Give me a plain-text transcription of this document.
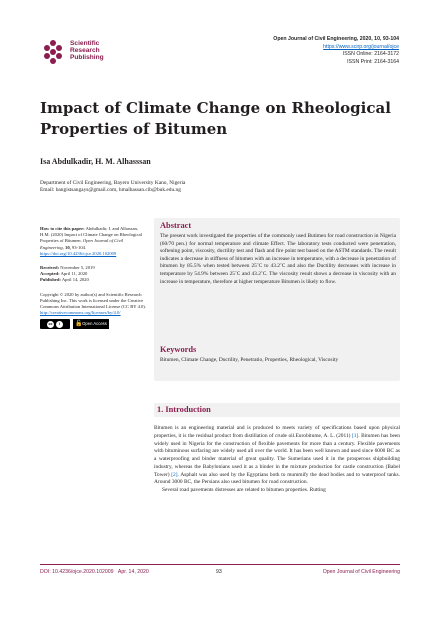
Scientific
Research
Publishing
Open Journal of Civil Engineering, 2020, 10, 93-104
https://www.scirp.org/journal/ojce
ISSN Online: 2164-3172
ISSN Print: 2164-3164
Impact of Climate Change on Rheological
Properties of Bitumen
Isa Abdulkadir, H. M. Alhasssan
Department of Civil Engineering, Bayero University Kano, Nigeria
Email: bangistsangays@gmail.com, hmalhassan.cib@buk.edu.ng
How to cite this paper: Abdulkadir, I. and Alhassan, H.M. (2020) Impact of Climate Change on Rheological Properties of Bitumen. Open Journal of Civil Engineering, 10, 93-104.
https://doi.org/10.4236/ojce.2020.102009
Received: November 5, 2019
Accepted: April 11, 2020
Published: April 14, 2020
Copyright © 2020 by author(s) and Scientific Research Publishing Inc. This work is licensed under the Creative Commons Attribution International License (CC BY 4.0).
http://creativecommons.org/licenses/by/4.0/
cc	i	🔓 Open Access
Abstract
The present work investigated the properties of the commonly used Butimen for road construction in Nigeria (60/70 pen.) for normal temperature and climate Effect. The laboratory tests conducted were penetration, softening point, viscosity, ductility test and flash and fire point test based on the ASTM standards. The result indicates a decrease in stiffness of bitumen with an increase in temperature, with a decrease in penetration of bitumen by 85.5% when tested between 25˚C to 43.2˚C and also the Ductility decreases with increase in temperature by 54.9% between 25˚C and 43.2˚C. The viscosity result shows a decrease in viscosity with an increase in temperature, therefore at higher temperature Bitumen is likely to flow.
Keywords
Bitumen, Climate Change, Ductility, Penetratio, Properties, Rheological, Viscosity
1. Introduction

Bitumen is an engineering material and is produced to meets variety of specifications based upon physical properties, it is the residual product from distillation of crude oil.Eurobitume, A. L. (2011) [1]. Bitumen has been widely used in Nigeria for the construction of flexible pavements for more than a century. Flexible pavements with bituminous surfacing are widely used all over the world. It has been well known and used since 6000 BC as a waterproofing and binder material of great quality. The Sumerians used it in the prosperous shipbuilding industry, whereas the Babylonians used it as a binder in the mixture production for castle construction (Babel Tower) [2]. Asphalt was also used by the Egyptians both to mummify the dead bodies and to waterproof tanks. Around 3000 BC, the Persians also used bitumen for road construction.

Several road pavements distresses are related to bitumen properties. Rutting

DOI: 10.4236/ojce.2020.102009 Apr. 14, 2020	93	Open Journal of Civil Engineering
